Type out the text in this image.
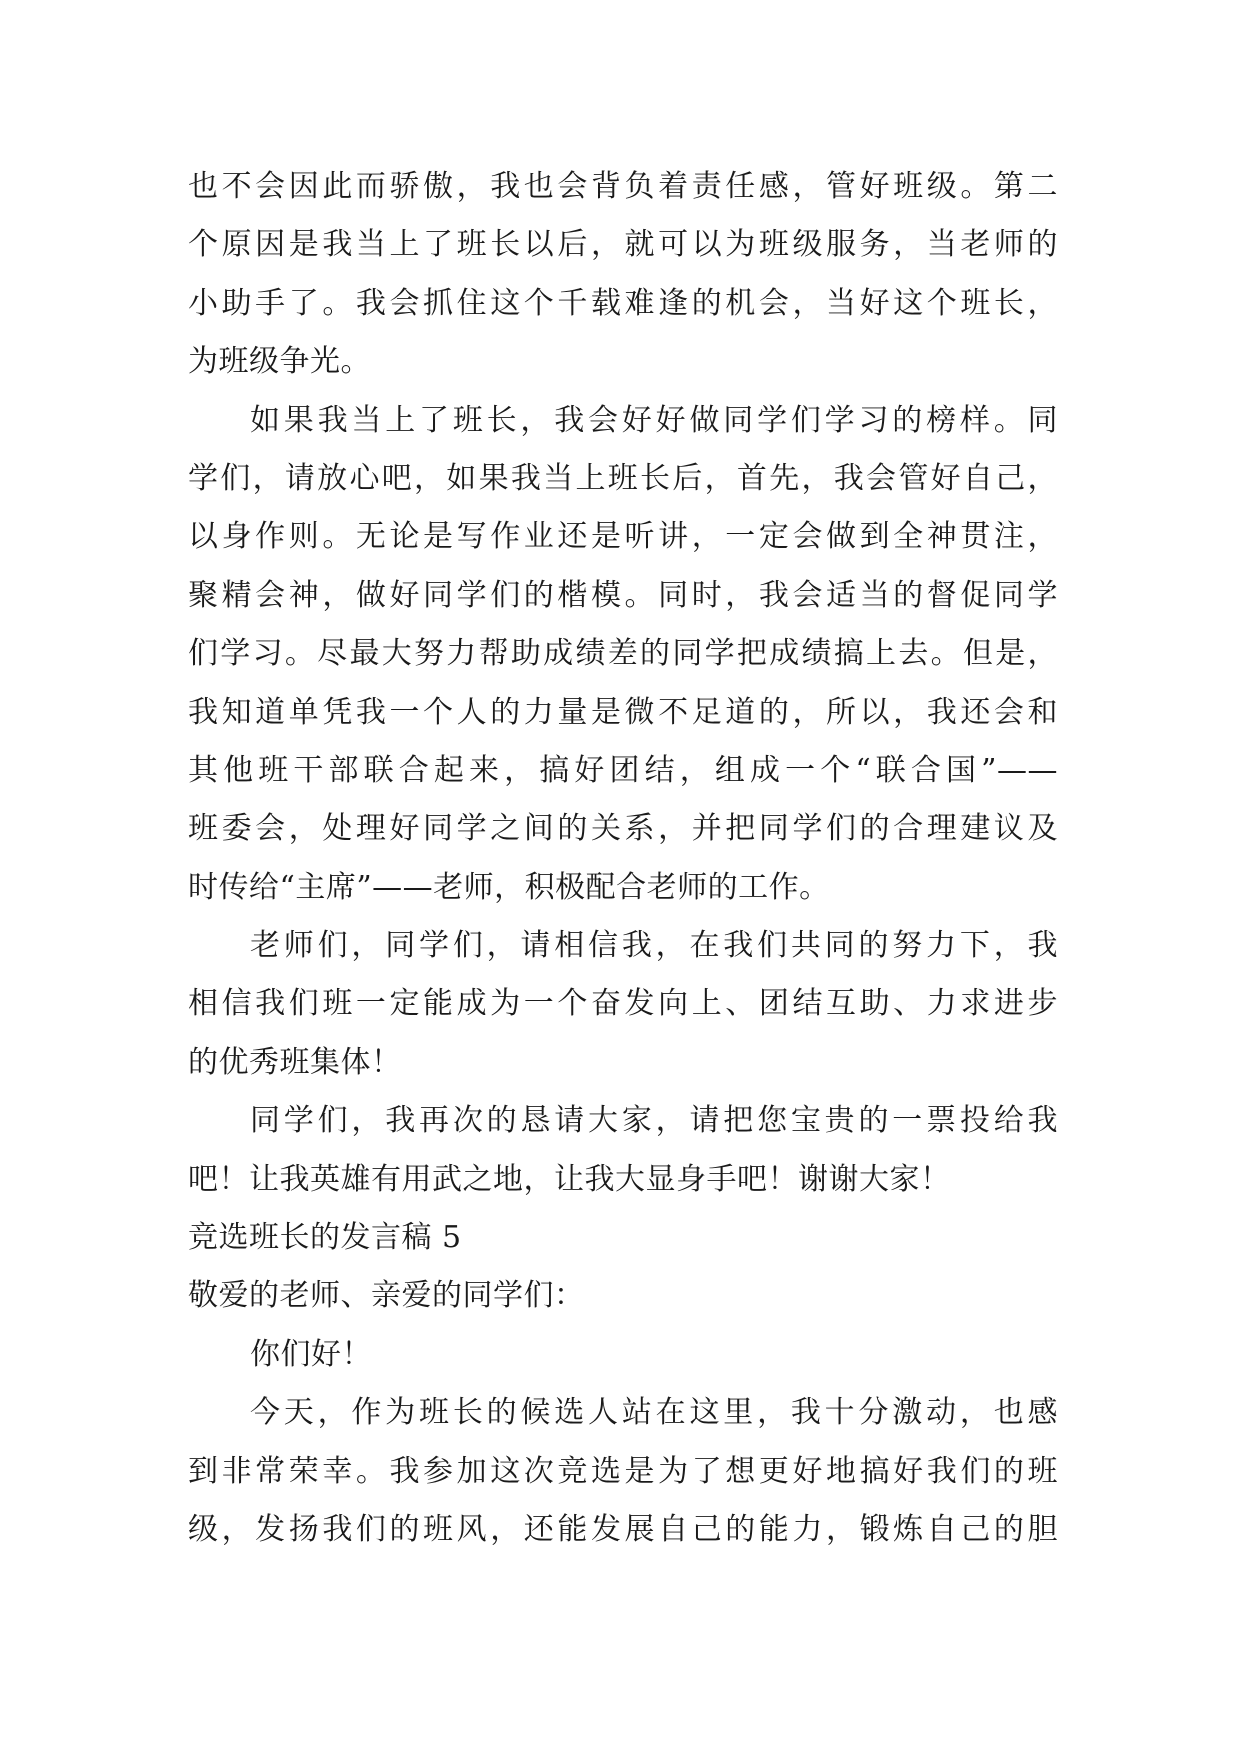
也不会因此而骄傲，我也会背负着责任感，管好班级。第二
个原因是我当上了班长以后，就可以为班级服务，当老师的
小助手了。我会抓住这个千载难逢的机会，当好这个班长，
为班级争光。
如果我当上了班长，我会好好做同学们学习的榜样。同
学们，请放心吧，如果我当上班长后，首先，我会管好自己，
以身作则。无论是写作业还是听讲，一定会做到全神贯注，
聚精会神，做好同学们的楷模。同时，我会适当的督促同学
们学习。尽最大努力帮助成绩差的同学把成绩搞上去。但是，
我知道单凭我一个人的力量是微不足道的，所以，我还会和
其他班干部联合起来，搞好团结，组成一个“联合国”——
班委会，处理好同学之间的关系，并把同学们的合理建议及
时传给“主席”——老师，积极配合老师的工作。
老师们，同学们，请相信我，在我们共同的努力下，我
相信我们班一定能成为一个奋发向上、团结互助、力求进步
的优秀班集体！
同学们，我再次的恳请大家，请把您宝贵的一票投给我
吧！让我英雄有用武之地，让我大显身手吧！谢谢大家！
竞选班长的发言稿 5
敬爱的老师、亲爱的同学们：
你们好！
今天，作为班长的候选人站在这里，我十分激动，也感
到非常荣幸。我参加这次竞选是为了想更好地搞好我们的班
级，发扬我们的班风，还能发展自己的能力，锻炼自己的胆
